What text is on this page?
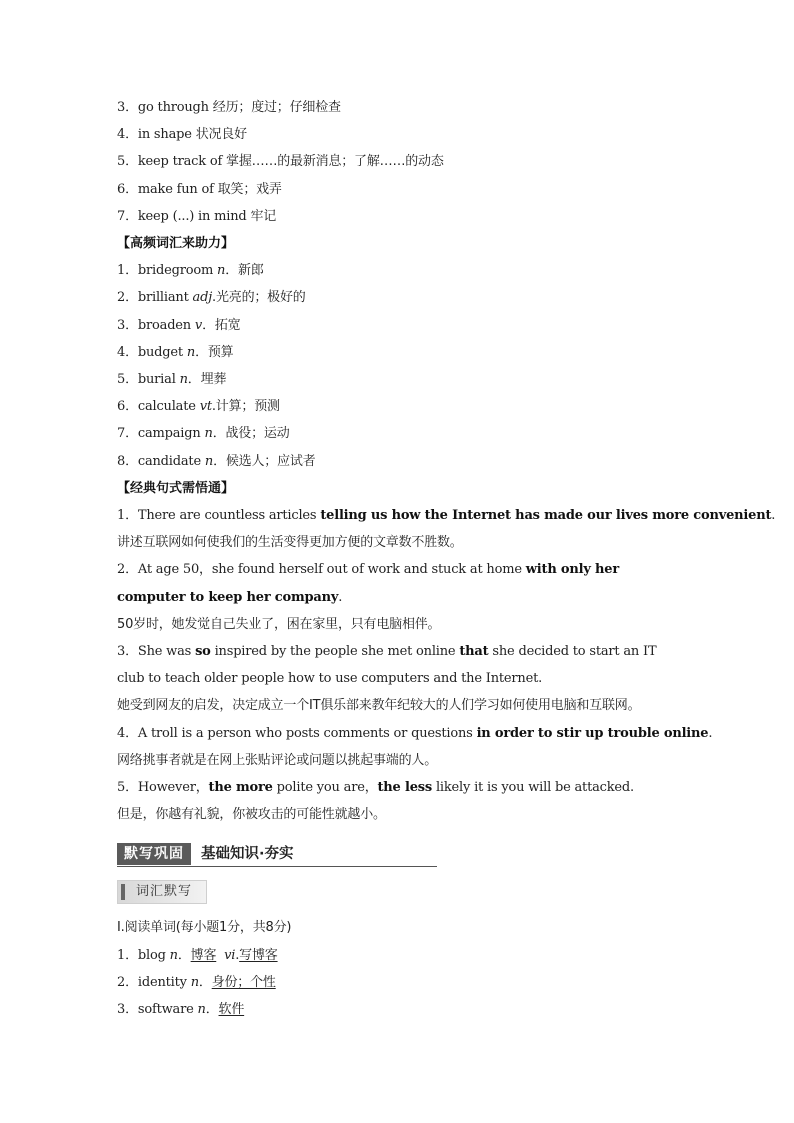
3．go through 经历；度过；仔细检查
4．in shape 状况良好
5．keep track of 掌握……的最新消息；了解……的动态
6．make fun of 取笑；戏弄
7．keep (...) in mind 牢记
【高频词汇来助力】
1．bridegroom n．新郎
2．brilliant adj.光亮的；极好的
3．broaden v．拓宽
4．budget n．预算
5．burial n．埋葬
6．calculate vt.计算；预测
7．campaign n．战役；运动
8．candidate n．候选人；应试者
【经典句式需悟通】
1．There are countless articles telling us how the Internet has made our lives more convenient.
讲述互联网如何使我们的生活变得更加方便的文章数不胜数。
2．At age 50，she found herself out of work and stuck at home with only her computer to keep her company.
50岁时，她发觉自己失业了，困在家里，只有电脑相伴。
3．She was so inspired by the people she met online that she decided to start an IT club to teach older people how to use computers and the Internet.
她受到网友的启发，决定成立一个IT俱乐部来教年纪较大的人们学习如何使用电脑和互联网。
4．A troll is a person who posts comments or questions in order to stir up trouble online.
网络挑事者就是在网上张贴评论或问题以挑起事端的人。
5．However，the more polite you are，the less likely it is you will be attacked.
但是，你越有礼貌，你被攻击的可能性就越小。
默写巩固	基础知识·夯实
词汇默写
Ⅰ.阅读单词(每小题1分，共8分)
1．blog n．博客 vi.写博客
2．identity n．身份；个性
3．software n．软件
